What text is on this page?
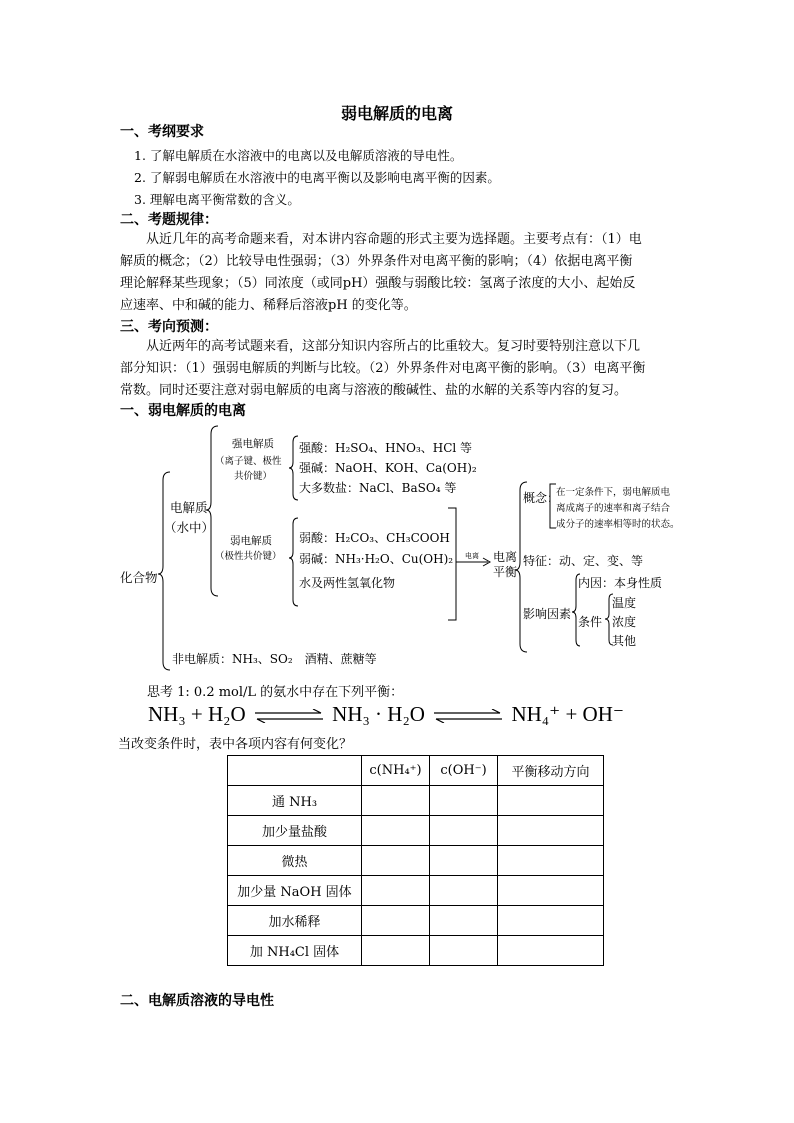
弱电解质的电离
一、考纲要求
1. 了解电解质在水溶液中的电离以及电解质溶液的导电性。
2. 了解弱电解质在水溶液中的电离平衡以及影响电离平衡的因素。
3. 理解电离平衡常数的含义。
二、考题规律：
　　从近几年的高考命题来看，对本讲内容命题的形式主要为选择题。主要考点有：（1）电
解质的概念；（2）比较导电性强弱；（3）外界条件对电离平衡的影响；（4）依据电离平衡
理论解释某些现象；（5）同浓度（或同pH）强酸与弱酸比较：氢离子浓度的大小、起始反
应速率、中和碱的能力、稀释后溶液pH 的变化等。
三、考向预测：
　　从近两年的高考试题来看，这部分知识内容所占的比重较大。复习时要特别注意以下几
部分知识：（1）强弱电解质的判断与比较。（2）外界条件对电离平衡的影响。（3）电离平衡
常数。同时还要注意对弱电解质的电离与溶液的酸碱性、盐的水解的关系等内容的复习。
一、弱电解质的电离
化合物
电解质
（水中）
强电解质
（离子键、极性
共价键）
强酸：H₂SO₄、HNO₃、HCl 等
强碱：NaOH、KOH、Ca(OH)₂
大多数盐：NaCl、BaSO₄ 等
弱电解质
（极性共价键）
弱酸：H₂CO₃、CH₃COOH
弱碱：NH₃·H₂O、Cu(OH)₂
水及两性氢氧化物
电离 电离
平衡
概念：
在一定条件下，弱电解质电
离成离子的速率和离子结合
成分子的速率相等时的状态。
特征：动、定、变、等
影响因素
内因：本身性质
条件
温度
浓度
其他
非电解质：NH₃、SO₂　酒精、蔗糖等
思考 1: 0.2 mol/L 的氨水中存在下列平衡：
NH₃ + H₂O ⇌ NH₃ · H₂O ⇌ NH₄⁺ + OH⁻
当改变条件时，表中各项内容有何变化？
	c(NH₄⁺)	c(OH⁻)	平衡移动方向
通 NH₃			
加少量盐酸			
微热			
加少量 NaOH 固体			
加水稀释			
加 NH₄Cl 固体			
二、电解质溶液的导电性
